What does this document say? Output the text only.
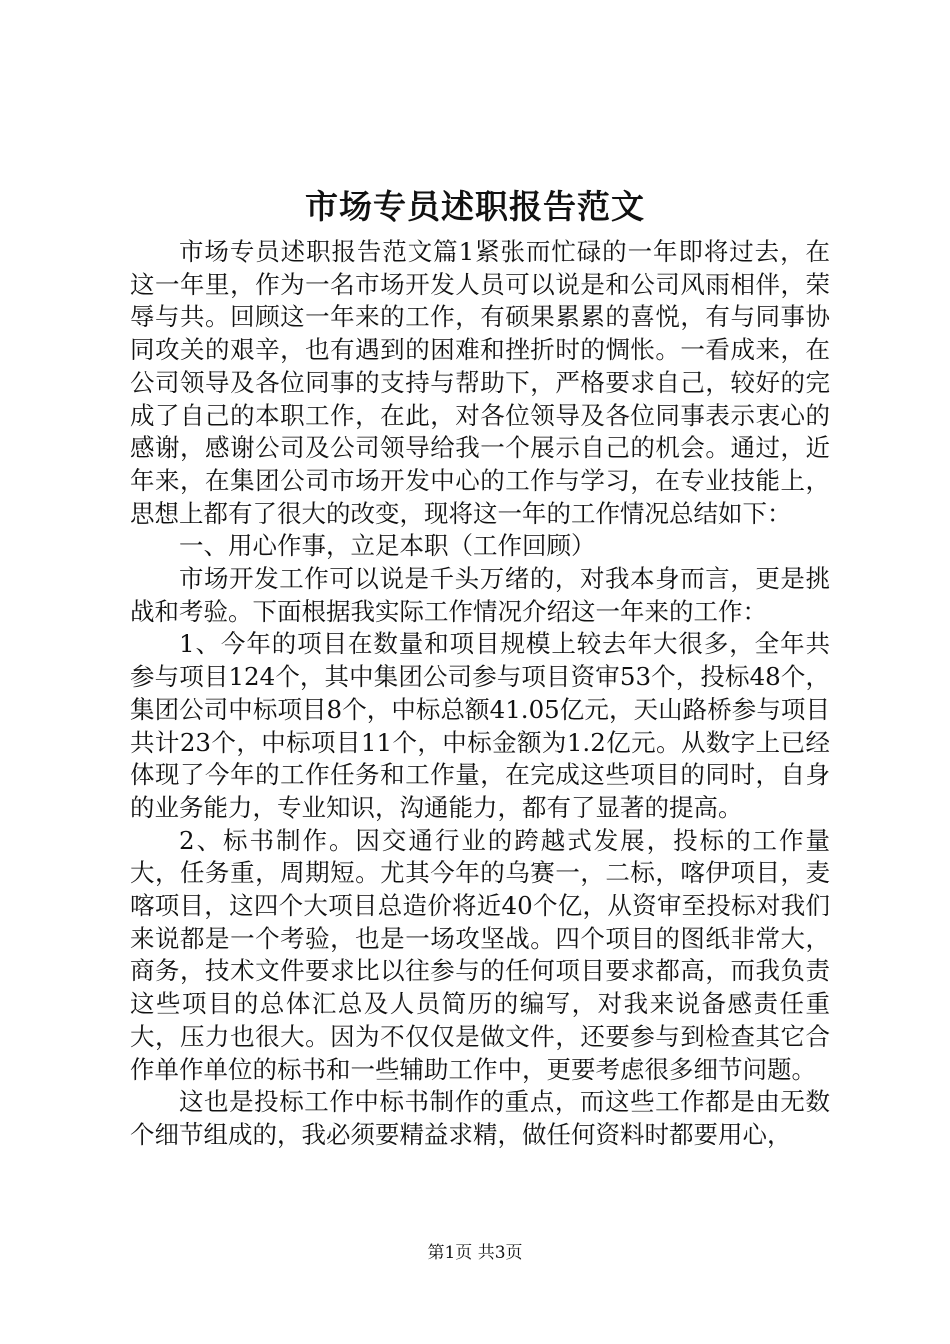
市场专员述职报告范文

市场专员述职报告范文篇1紧张而忙碌的一年即将过去，在这一年里，作为一名市场开发人员可以说是和公司风雨相伴，荣辱与共。回顾这一年来的工作，有硕果累累的喜悦，有与同事协同攻关的艰辛，也有遇到的困难和挫折时的惆怅。一看成来，在公司领导及各位同事的支持与帮助下，严格要求自己，较好的完成了自己的本职工作，在此，对各位领导及各位同事表示衷心的感谢，感谢公司及公司领导给我一个展示自己的机会。通过，近年来，在集团公司市场开发中心的工作与学习，在专业技能上，思想上都有了很大的改变，现将这一年的工作情况总结如下：

一、用心作事，立足本职（工作回顾）

市场开发工作可以说是千头万绪的，对我本身而言，更是挑战和考验。下面根据我实际工作情况介绍这一年来的工作：

1、今年的项目在数量和项目规模上较去年大很多，全年共参与项目124个，其中集团公司参与项目资审53个，投标48个，集团公司中标项目8个，中标总额41.05亿元，天山路桥参与项目共计23个，中标项目11个，中标金额为1.2亿元。从数字上已经体现了今年的工作任务和工作量，在完成这些项目的同时，自身的业务能力，专业知识，沟通能力，都有了显著的提高。

2、标书制作。因交通行业的跨越式发展，投标的工作量大，任务重，周期短。尤其今年的乌赛一，二标，喀伊项目，麦喀项目，这四个大项目总造价将近40个亿，从资审至投标对我们来说都是一个考验，也是一场攻坚战。四个项目的图纸非常大，商务，技术文件要求比以往参与的任何项目要求都高，而我负责这些项目的总体汇总及人员简历的编写，对我来说备感责任重大，压力也很大。因为不仅仅是做文件，还要参与到检查其它合作单作单位的标书和一些辅助工作中，更要考虑很多细节问题。

这也是投标工作中标书制作的重点，而这些工作都是由无数个细节组成的，我必须要精益求精，做任何资料时都要用心，

第1页 共3页
